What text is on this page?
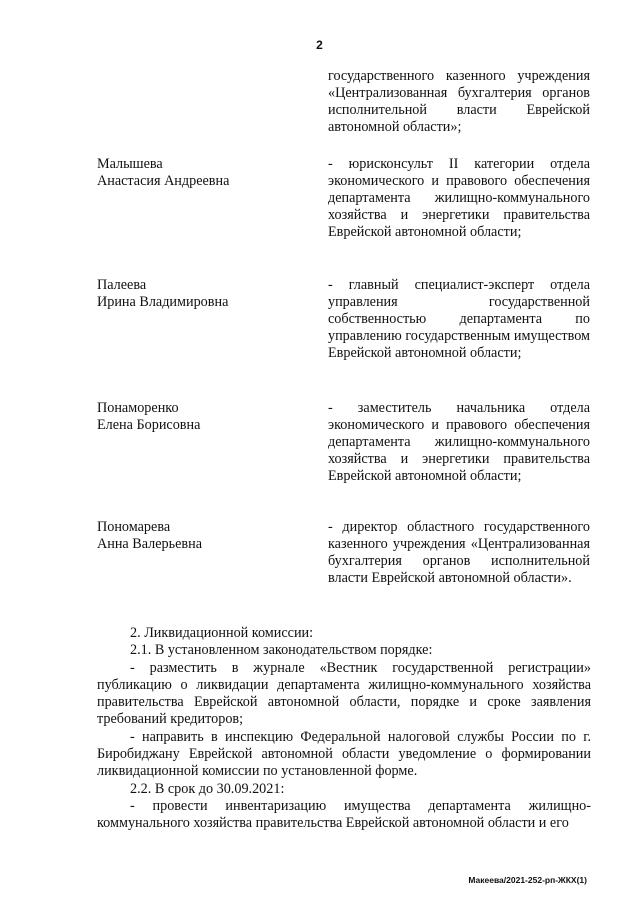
2
государственного казенного учреждения «Централизованная бухгалтерия органов исполнительной власти Еврейской автономной области»;
Малышева
Анастасия Андреевна
- юрисконсульт II категории отдела экономического и правового обеспечения департамента жилищно-коммунального хозяйства и энергетики правительства Еврейской автономной области;
Палеева
Ирина Владимировна
- главный специалист-эксперт отдела управления государственной собственностью департамента по управлению государственным имуществом Еврейской автономной области;
Понаморенко
Елена Борисовна
- заместитель начальника отдела экономического и правового обеспечения департамента жилищно-коммунального хозяйства и энергетики правительства Еврейской автономной области;
Пономарева
Анна Валерьевна
- директор областного государственного казенного учреждения «Централизованная бухгалтерия органов исполнительной власти Еврейской автономной области».

2. Ликвидационной комиссии:

2.1. В установленном законодательством порядке:

- разместить в журнале «Вестник государственной регистрации» публикацию о ликвидации департамента жилищно-коммунального хозяйства правительства Еврейской автономной области, порядке и сроке заявления требований кредиторов;

- направить в инспекцию Федеральной налоговой службы России по г. Биробиджану Еврейской автономной области уведомление о формировании ликвидационной комиссии по установленной форме.

2.2. В срок до 30.09.2021:

- провести инвентаризацию имущества департамента жилищно-коммунального хозяйства правительства Еврейской автономной области и его

Макеева/2021-252-рп-ЖКХ(1)
